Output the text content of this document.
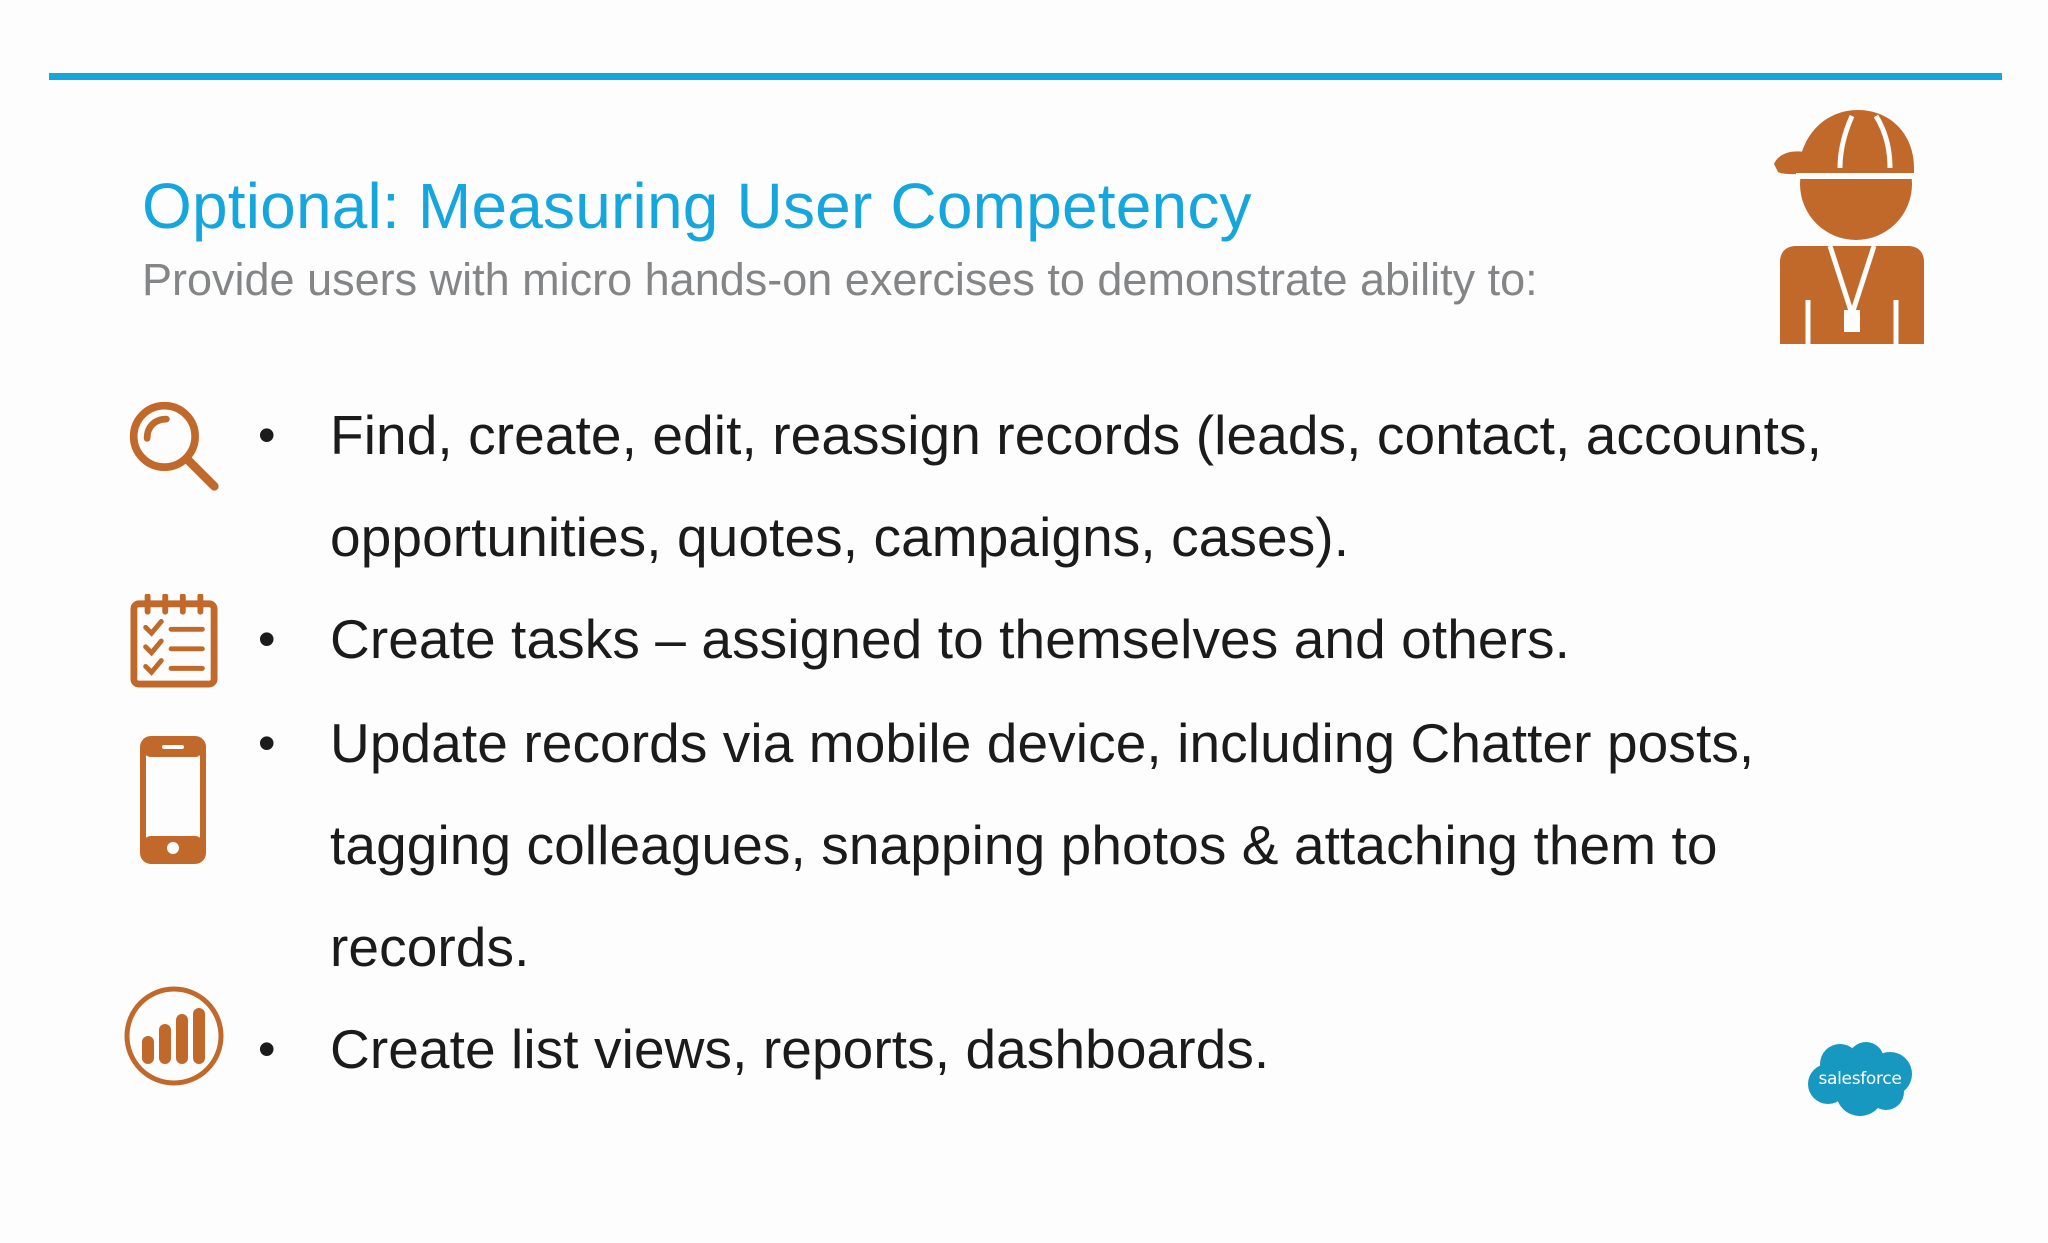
Optional: Measuring User Competency
Provide users with micro hands-on exercises to demonstrate ability to:
• Find, create, edit, reassign records (leads, contact, accounts,
opportunities, quotes, campaigns, cases).
• Create tasks – assigned to themselves and others.
• Update records via mobile device, including Chatter posts,
tagging colleagues, snapping photos & attaching them to
records.
• Create list views, reports, dashboards.	salesforce
